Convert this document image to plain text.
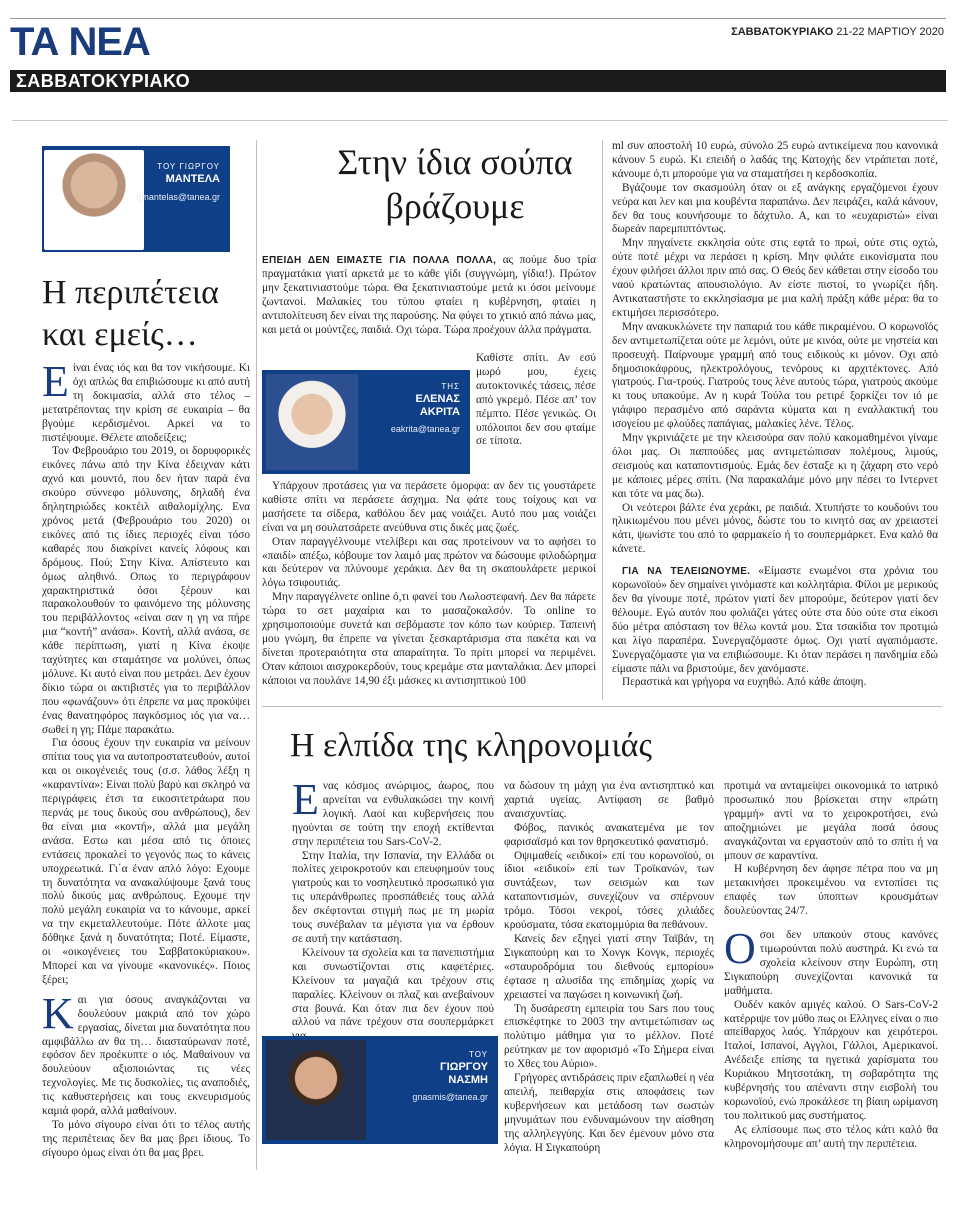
ΤΑ ΝΕΑ	ΣΑΒΒΑΤΟΚΥΡΙΑΚΟ 21-22 ΜΑΡΤΙΟΥ 2020
ΣΑΒΒΑΤΟΚΥΡΙΑΚΟ
ΤΟΥ ΓΙΩΡΓΟΥ
ΜΑΝΤΕΛΑ
gmantelas@tanea.gr
Η περιπέτεια
και εμείς…

Είναι ένας ιός και θα τον νικήσουμε. Κι όχι απλώς θα επιβιώσουμε κι από αυτή τη δοκιμασία, αλλά στο τέλος – μετατρέποντας την κρίση σε ευκαιρία – θα βγούμε κερδισμένοι. Αρκεί να το πιστέψουμε. Θέλετε αποδείξεις;

Τον Φεβρουάριο του 2019, οι δορυφορικές εικόνες πάνω από την Κίνα έδειχναν κάτι αχνό και μουντό, που δεν ήταν παρά ένα σκούρο σύννεφο μόλυνσης, δηλαδή ένα δηλητηριώδες κοκτέιλ αιθαλομίχλης. Ενα χρόνος μετά (Φεβρουάριο του 2020) οι εικόνες από τις ίδιες περιοχές είναι τόσο καθαρές που διακρίνει κανείς λόφους και δρόμους. Πού; Στην Κίνα. Απίστευτο και όμως αληθινό. Οπως το περιγράφουν χαρακτηριστικά όσοι ξέρουν και παρακολουθούν το φαινόμενο της μόλυνσης του περιβάλλοντος «είναι σαν η γη να πήρε μια “κοντή” ανάσα». Κοντή, αλλά ανάσα, σε κάθε περίπτωση, γιατί η Κίνα έκοψε ταχύτητες και σταμάτησε να μολύνει, όπως μόλυνε. Κι αυτό είναι που μετράει. Δεν έχουν δίκιο τώρα οι ακτιβιστές για το περιβάλλον που «φωνάζουν» ότι έπρεπε να μας προκύψει ένας θανατηφόρος παγκόσμιος ιός για να… σωθεί η γη; Πάμε παρακάτω.

Για όσους έχουν την ευκαιρία να μείνουν σπίτια τους για να αυτοπροστατευθούν, αυτοί και οι οικογένειές τους (σ.σ. λάθος λέξη η «καραντίνα»: Είναι πολύ βαρύ και σκληρό να περιγράφεις έτσι τα εικοσιτετράωρα που περνάς με τους δικούς σου ανθρώπους), δεν θα είναι μια «κοντή», αλλά μια μεγάλη ανάσα. Εστω και μέσα από τις όποιες εντάσεις προκαλεί το γεγονός πως το κάνεις υποχρεωτικά. Γι΄α έναν απλό λόγο: Εχουμε τη δυνατότητα να ανακαλύψουμε ξανά τους πολύ δικούς μας ανθρώπους. Εχουμε την πολύ μεγάλη ευκαιρία να το κάνουμε, αρκεί να την εκμεταλλευτούμε. Πότε άλλοτε μας δόθηκε ξανά η δυνατότητα; Ποτέ. Είμαστε, οι «οικογένειες του Σαββατοκύριακου». Μπορεί και να γίνουμε «κανονικές». Ποιος ξέρει;

Και για όσους αναγκάζονται να δουλεύουν μακριά από τον χώρο εργασίας, δίνεται μια δυνατότητα που αμφιβάλλω αν θα τη… διασταύρωναν ποτέ, εφόσον δεν προέκυπτε ο ιός. Μαθαίνουν να δουλεύουν αξιοποιώντας τις νέες τεχνολογίες. Με τις δυσκολίες, τις αναποδιές, τις καθυστερήσεις και τους εκνευρισμούς καμιά φορά, αλλά μαθαίνουν.

Το μόνο σίγουρο είναι ότι το τέλος αυτής της περιπέτειας δεν θα μας βρει ίδιους. Το σίγουρο όμως είναι ότι θα μας βρει.

Στην ίδια σούπα
βράζουμε

ΕΠΕΙΔΗ ΔΕΝ ΕΙΜΑΣΤΕ ΓΙΑ ΠΟΛΛΑ ΠΟΛΛΑ, ας πούμε δυο τρία πραγματάκια γιατί αρκετά με το κάθε γίδι (συγγνώμη, γίδια!). Πρώτον μην ξεκατινιαστούμε τώρα. Θα ξεκατινιαστούμε μετά κι όσοι μείνουμε ζωντανοί. Μαλακίες του τύπου φταίει η κυβέρνηση, φταίει η αντιπολίτευση δεν είναι της παρούσης. Να φύγει το χτικιό από πάνω μας, και μετά οι μούντζες, παιδιά. Οχι τώρα. Τώρα προέχουν άλλα πράγματα.

ΤΗΣ
ΕΛΕΝΑΣ
ΑΚΡΙΤΑ
eakrita@tanea.gr

Καθίστε σπίτι. Αν εσύ μωρό μου, έχεις αυτοκτονικές τάσεις, πέσε από γκρεμό. Πέσε απ’ τον πέμπτο. Πέσε γενικώς. Οι υπόλοιποι δεν σου φταίμε σε τίποτα.

Υπάρχουν προτάσεις για να περάσετε όμορφα: αν δεν τις γουστάρετε καθίστε σπίτι να περάσετε άσχημα. Να φάτε τους τοίχους και να μασήσετε τα σίδερα, καθόλου δεν μας νοιάζει. Αυτό που μας νοιάζει είναι να μη σουλατσάρετε ανεύθυνα στις δικές μας ζωές.

Οταν παραγγέλνουμε ντελίβερι και σας προτείνουν να το αφήσει το «παιδί» απέξω, κόβουμε τον λαιμό μας πρώτον να δώσουμε φιλοδώρημα και δεύτερον να πλύνουμε χεράκια. Δεν θα τη σκαπουλάρετε μερικοί λόγω τσιφουτιάς.

Μην παραγγέλνετε online ό,τι φανεί του Λωλοστεφανή. Δεν θα πάρετε τώρα το σετ μαχαίρια και το μασαζοκαλσόν. Το online το χρησιμοποιούμε συνετά και σεβόμαστε τον κόπο των κούριερ. Ταπεινή μου γνώμη, θα έπρεπε να γίνεται ξεσκαρτάρισμα στα πακέτα και να δίνεται προτεραιότητα στα απαραίτητα. Το πρίτι μπορεί να περιμένει. Οταν κάποιοι αισχροκερδούν, τους κρεμάμε στα μανταλάκια. Δεν μπορεί κάποιοι να πουλάνε 14,90 έξι μάσκες κι αντισηπτικού 100

ml συν αποστολή 10 ευρώ, σύνολο 25 ευρώ αντικείμενα που κανονικά κάνουν 5 ευρώ. Κι επειδή ο λαδάς της Κατοχής δεν ντράπεται ποτέ, κάνουμε ό,τι μπορούμε για να σταματήσει η κερδοσκοπία.

Βγάζουμε τον σκασμούλη όταν οι εξ ανάγκης εργαζόμενοι έχουν νεύρα και λεν και μια κουβέντα παραπάνω. Δεν πειράζει, καλά κάνουν, δεν θα τους κουνήσουμε το δάχτυλο. Α, και το «ευχαριστώ» είναι δωρεάν παρεμπιπτόντως.

Μην πηγαίνετε εκκλησία ούτε στις εφτά το πρωί, ούτε στις οχτώ, ούτε ποτέ μέχρι να περάσει η κρίση. Μην φιλάτε εικονίσματα που έχουν φιλήσει άλλοι πριν από σας. Ο Θεός δεν κάθεται στην είσοδο του ναού κρατώντας απουσιολόγιο. Αν είστε πιστοί, το γνωρίζει ήδη. Αντικαταστήστε το εκκλησίασμα με μια καλή πράξη κάθε μέρα: θα το εκτιμήσει περισσότερο.

Μην ανακυκλώνετε την παπαριά του κάθε πικραμένου. Ο κορωνοϊός δεν αντιμετωπίζεται ούτε με λεμόνι, ούτε με κινόα, ούτε με νηστεία και προσευχή. Παίρνουμε γραμμή από τους ειδικούς κι μόνον. Οχι από δημοσιοκάφρους, ηλεκτρολόγους, τενόρους κι αρχιτέκτονες. Από γιατρούς. Για-τρούς. Γιατρούς τους λένε αυτούς τώρα, γιατρούς ακούμε κι τους υπακούμε. Αν η κυρά Τούλα του ρετιρέ ξορκίζει τον ιό με γιάφιρο περασμένο από σαράντα κύματα και η εναλλακτική του ισογείου με φλούδες παπάγιας, μαλακίες λένε. Τέλος.

Μην γκρινιάζετε με την κλεισούρα σαν πολύ κακομαθημένοι γίναμε όλοι μας. Οι παππούδες μας αντιμετώπισαν πολέμους, λιμούς, σεισμούς και καταποντισμούς. Εμάς δεν έσταξε κι η ζάχαρη στο νερό με κάποιες μέρες σπίτι. (Να παρακαλάμε μόνο μην πέσει το Ιντερνετ και τότε να μας δω).

Οι νεότεροι βάλτε ένα χεράκι, ρε παιδιά. Χτυπήστε το κουδούνι του ηλικιωμένου που μένει μόνος, δώστε του το κινητό σας αν χρειαστεί κάτι, ψωνίστε του από το φαρμακείο ή το σουπερμάρκετ. Ενα καλό θα κάνετε.

ΓΙΑ ΝΑ ΤΕΛΕΙΩΝΟΥΜΕ. «Είμαστε ενωμένοι στα χρόνια του κορωνοϊού» δεν σημαίνει γινόμαστε και κολλητάρια. Φίλοι με μερικούς δεν θα γίνουμε ποτέ, πρώτον γιατί δεν μπορούμε, δεύτερον γιατί δεν θέλουμε. Εγώ αυτόν που φολιάζει γάτες ούτε στα δύο ούτε στα είκοσι δύο μέτρα απόσταση τον θέλω κοντά μου. Στα τσακίδια τον προτιμώ και λίγο παραπέρα. Συνεργαζόμαστε όμως. Οχι γιατί αγαπιόμαστε. Συνεργαζόμαστε για να επιβιώσουμε. Κι όταν περάσει η πανδημία εδώ είμαστε πάλι να βριστούμε, δεν χανόμαστε.

Περαστικά και γρήγορα να ευχηθώ. Από κάθε άποψη.

Η ελπίδα της κληρονομιάς

Ενας κόσμος ανώριμος, άωρος, που αρνείται να ενθυλακώσει την κοινή λογική. Λαοί και κυβερνήσεις που ηγούνται σε τούτη την εποχή εκτίθενται στην περιπέτεια του Sars-CoV-2.

Στην Ιταλία, την Ισπανία, την Ελλάδα οι πολίτες χειροκροτούν και επευφημούν τους γιατρούς και το νοσηλευτικό προσωπικό για τις υπεράνθρωπες προσπάθειές τους αλλά δεν σκέφτονται στιγμή πως με τη μωρία τους συνέβαλαν τα μέγιστα για να έρθουν σε αυτή την κατάσταση.

Κλείνουν τα σχολεία και τα πανεπιστήμια και συνωστίζονται στις καφετέριες. Κλείνουν τα μαγαζιά και τρέχουν στις παραλίες. Κλείνουν οι πλαζ και ανεβαίνουν στα βουνά. Και όταν πια δεν έχουν πού αλλού να πάνε τρέχουν στα σουπερμάρκετ

ΤΟΥ
ΓΙΩΡΓΟΥ
ΝΑΣΜΗ
gnasmis@tanea.gr

να δώσουν τη μάχη για ένα αντισηπτικό και χαρτιά υγείας. Αντίφαση σε βαθμό αναισχυντίας.

Φόβος, πανικός ανακατεμένα με τον φαρισαϊσμό και τον θρησκευτικό φανατισμό.

Οψιμαθείς «ειδικοί» επί του κορωνοϊού, οι ίδιοι «ειδικοί» επί των Τροϊκανών, των συντάξεων, των σεισμών και των καταποντισμών, συνεχίζουν να σπέρνουν τρόμο. Τόσοι νεκροί, τόσες χιλιάδες κρούσματα, τόσα εκατομμύρια θα πεθάνουν.

Κανείς δεν εξηγεί γιατί στην Ταϊβάν, τη Σιγκαπούρη και το Χονγκ Κονγκ, περιοχές «σταυροδρόμια του διεθνούς εμπορίου» έφτασε η αλυσίδα της επιδημίας χωρίς να χρειαστεί να παγώσει η κοινωνική ζωή.

Τη δυσάρεστη εμπειρία του Sars που τους επισκέφτηκε το 2003 την αντιμετώπισαν ως πολύτιμο μάθημα για το μέλλον. Ποτέ ρεύτηκαν με τον αφορισμό «Το Σήμερα είναι το Χθες του Αύριο».

Γρήγορες αντιδράσεις πριν εξαπλωθεί η νέα απειλή, πειθαρχία στις αποφάσεις των κυβερνήσεων και μετάδοση των σωστών μηνυμάτων που ενδυναμώνουν την αίσθηση της αλληλεγγύης. Και δεν έμενουν μόνο στα λόγια. Η Σιγκαπούρη

προτιμά να ανταμείψει οικονομικά το ιατρικό προσωπικό που βρίσκεται στην «πρώτη γραμμή» αντί να το χειροκροτήσει, ενώ αποζημιώνει με μεγάλα ποσά όσους αναγκάζονται να εργαστούν από το σπίτι ή να μπουν σε καραντίνα.

Η κυβέρνηση δεν άφησε πέτρα που να μη μετακινήσει προκειμένου να εντοπίσει τις επαφές των ύποπτων κρουσμάτων δουλεύοντας 24/7.

Οσοι δεν υπακούν στους κανόνες τιμωρούνται πολύ αυστηρά. Κι ενώ τα σχολεία κλείνουν στην Ευρώπη, στη Σιγκαπούρη συνεχίζονται κανονικά τα μαθήματα.

Ουδέν κακόν αμιγές καλού. Ο Sars-CoV-2 κατέρριψε τον μύθο πως οι Ελληνες είναι ο πιο απείθαρχος λαός. Υπάρχουν και χειρότεροι. Ιταλοί, Ισπανοί, Αγγλοι, Γάλλοι, Αμερικανοί. Ανέδειξε επίσης τα ηγετικά χαρίσματα του Κυριάκου Μητσοτάκη, τη σοβαρότητα της κυβέρνησής του απέναντι στην εισβολή του κορωνοϊού, ενώ προκάλεσε τη βίαιη ωρίμανση του πολιτικού μας συστήματος.

Ας ελπίσουμε πως στο τέλος κάτι καλό θα κληρονομήσουμε απ’ αυτή την περιπέτεια.
